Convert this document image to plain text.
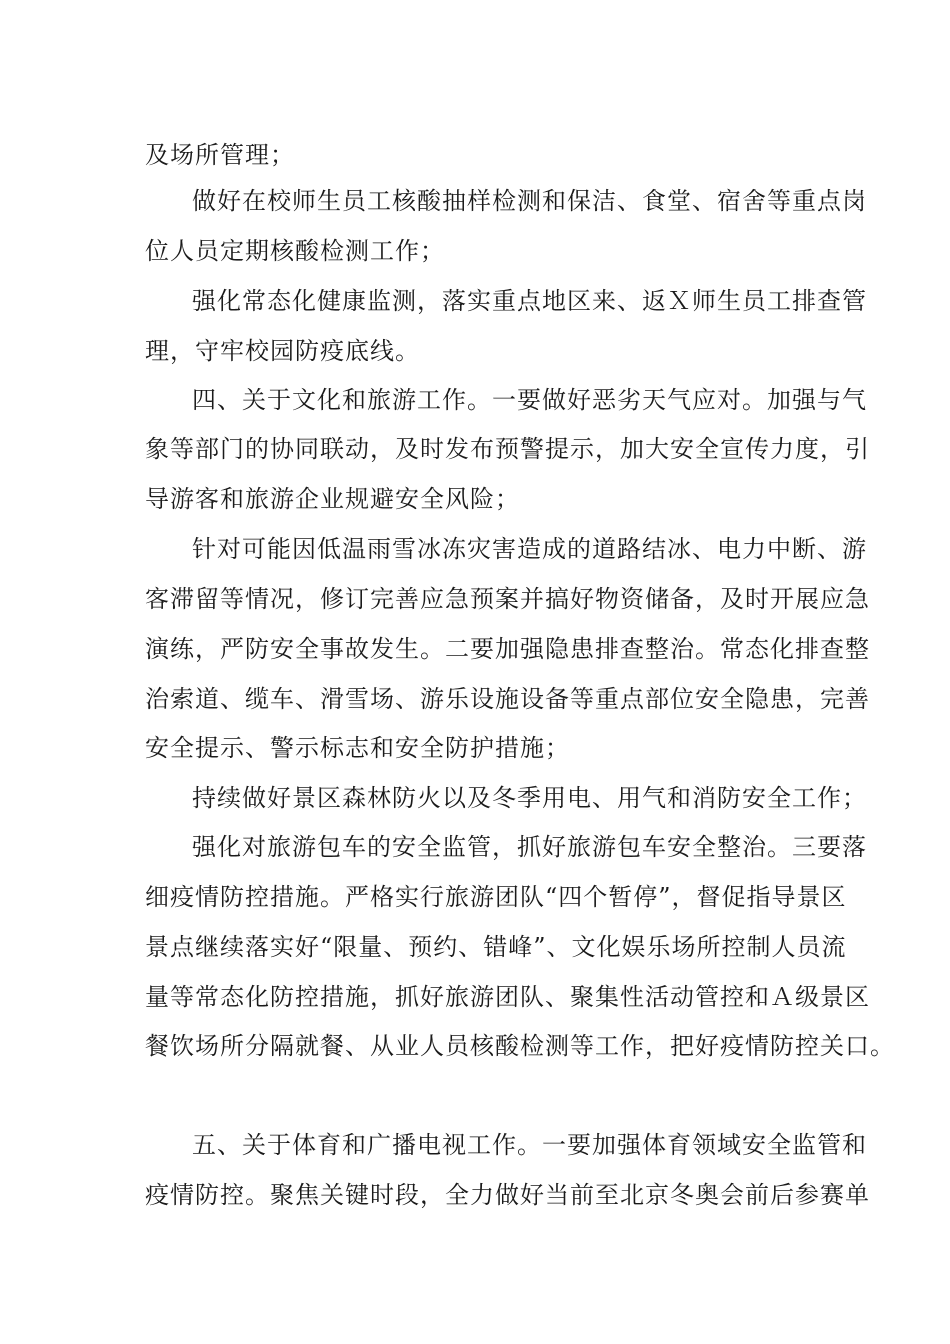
及场所管理；
做好在校师生员工核酸抽样检测和保洁、食堂、宿舍等重点岗
位人员定期核酸检测工作；
强化常态化健康监测，落实重点地区来、返Ｘ师生员工排查管
理，守牢校园防疫底线。
四、关于文化和旅游工作。一要做好恶劣天气应对。加强与气
象等部门的协同联动，及时发布预警提示，加大安全宣传力度，引
导游客和旅游企业规避安全风险；
针对可能因低温雨雪冰冻灾害造成的道路结冰、电力中断、游
客滞留等情况，修订完善应急预案并搞好物资储备，及时开展应急
演练，严防安全事故发生。二要加强隐患排查整治。常态化排查整
治索道、缆车、滑雪场、游乐设施设备等重点部位安全隐患，完善
安全提示、警示标志和安全防护措施；
持续做好景区森林防火以及冬季用电、用气和消防安全工作；
强化对旅游包车的安全监管，抓好旅游包车安全整治。三要落
细疫情防控措施。严格实行旅游团队“四个暂停”，督促指导景区
景点继续落实好“限量、预约、错峰”、文化娱乐场所控制人员流
量等常态化防控措施，抓好旅游团队、聚集性活动管控和Ａ级景区
餐饮场所分隔就餐、从业人员核酸检测等工作，把好疫情防控关口。
五、关于体育和广播电视工作。一要加强体育领域安全监管和
疫情防控。聚焦关键时段，全力做好当前至北京冬奥会前后参赛单
